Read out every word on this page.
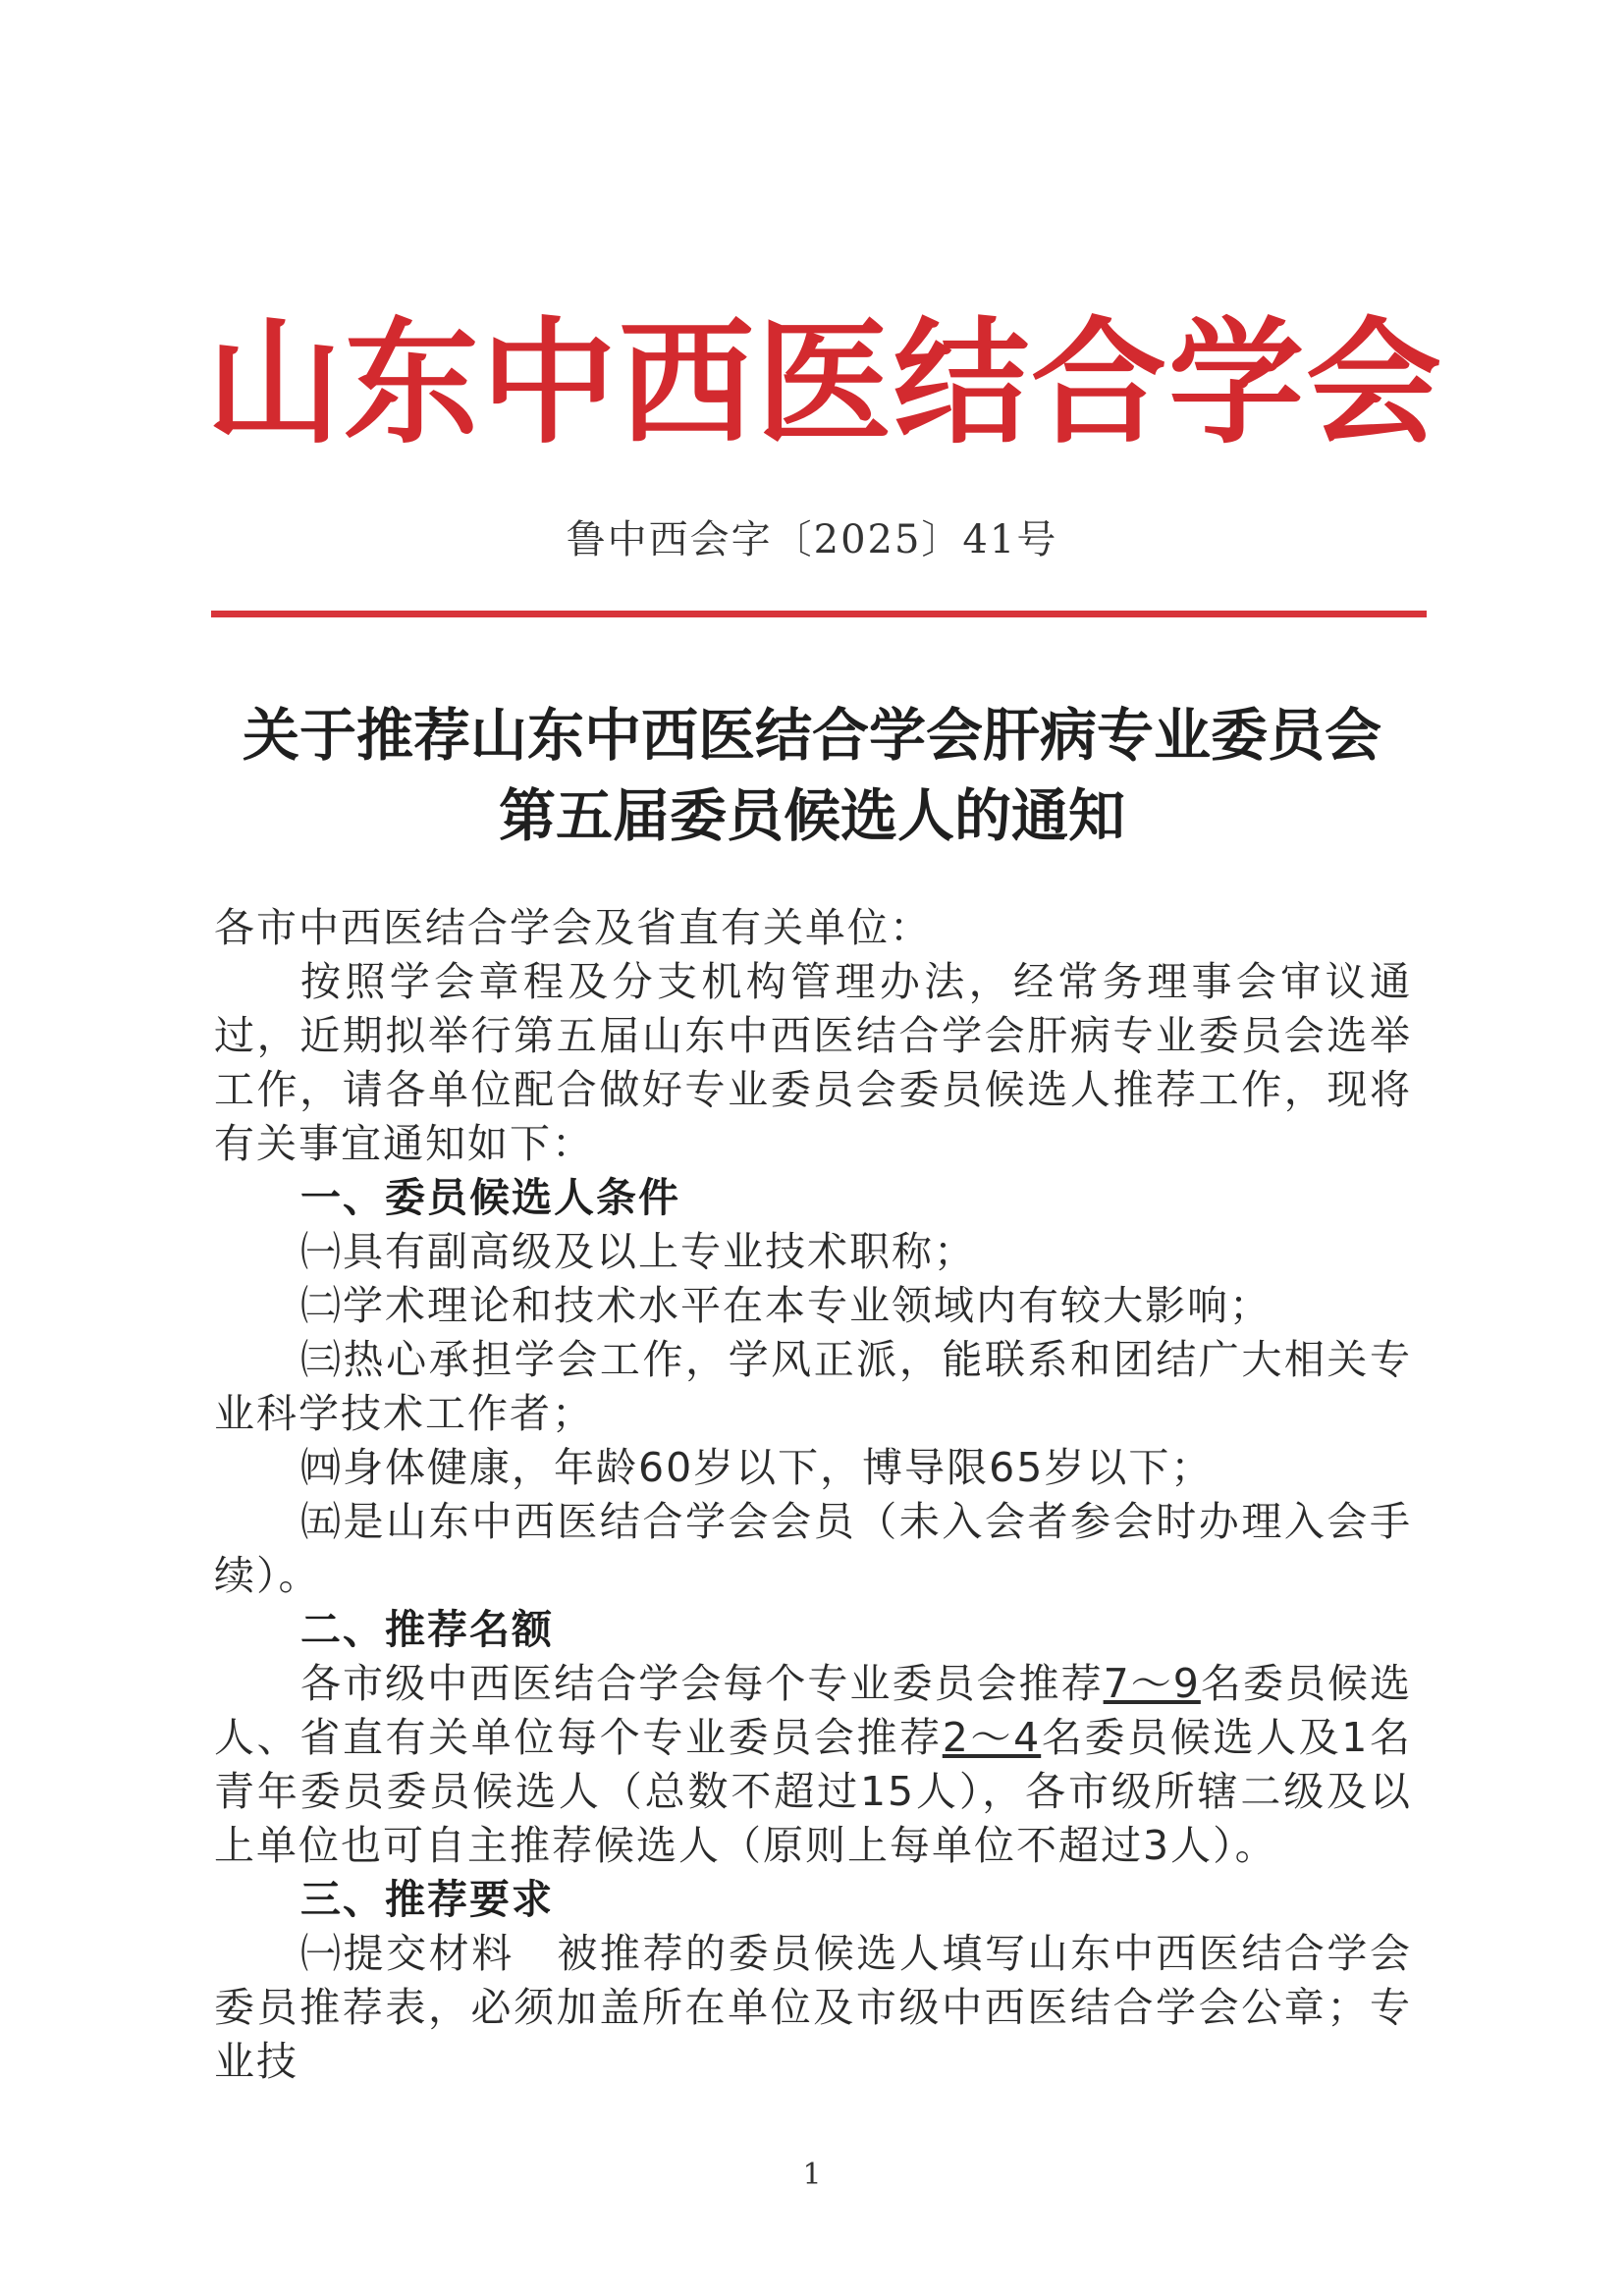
山东中西医结合学会
鲁中西会字〔2025〕41号
关于推荐山东中西医结合学会肝病专业委员会
第五届委员候选人的通知

各市中西医结合学会及省直有关单位：

按照学会章程及分支机构管理办法，经常务理事会审议通过，近期拟举行第五届山东中西医结合学会肝病专业委员会选举工作，请各单位配合做好专业委员会委员候选人推荐工作，现将有关事宜通知如下：

一、委员候选人条件

㈠具有副高级及以上专业技术职称；

㈡学术理论和技术水平在本专业领域内有较大影响；

㈢热心承担学会工作，学风正派，能联系和团结广大相关专业科学技术工作者；

㈣身体健康，年龄60岁以下，博导限65岁以下；

㈤是山东中西医结合学会会员（未入会者参会时办理入会手续）。

二、推荐名额

各市级中西医结合学会每个专业委员会推荐7～9名委员候选人、省直有关单位每个专业委员会推荐2～4名委员候选人及1名青年委员委员候选人（总数不超过15人），各市级所辖二级及以上单位也可自主推荐候选人（原则上每单位不超过3人）。

三、推荐要求

㈠提交材料　被推荐的委员候选人填写山东中西医结合学会委员推荐表，必须加盖所在单位及市级中西医结合学会公章；专业技

1
